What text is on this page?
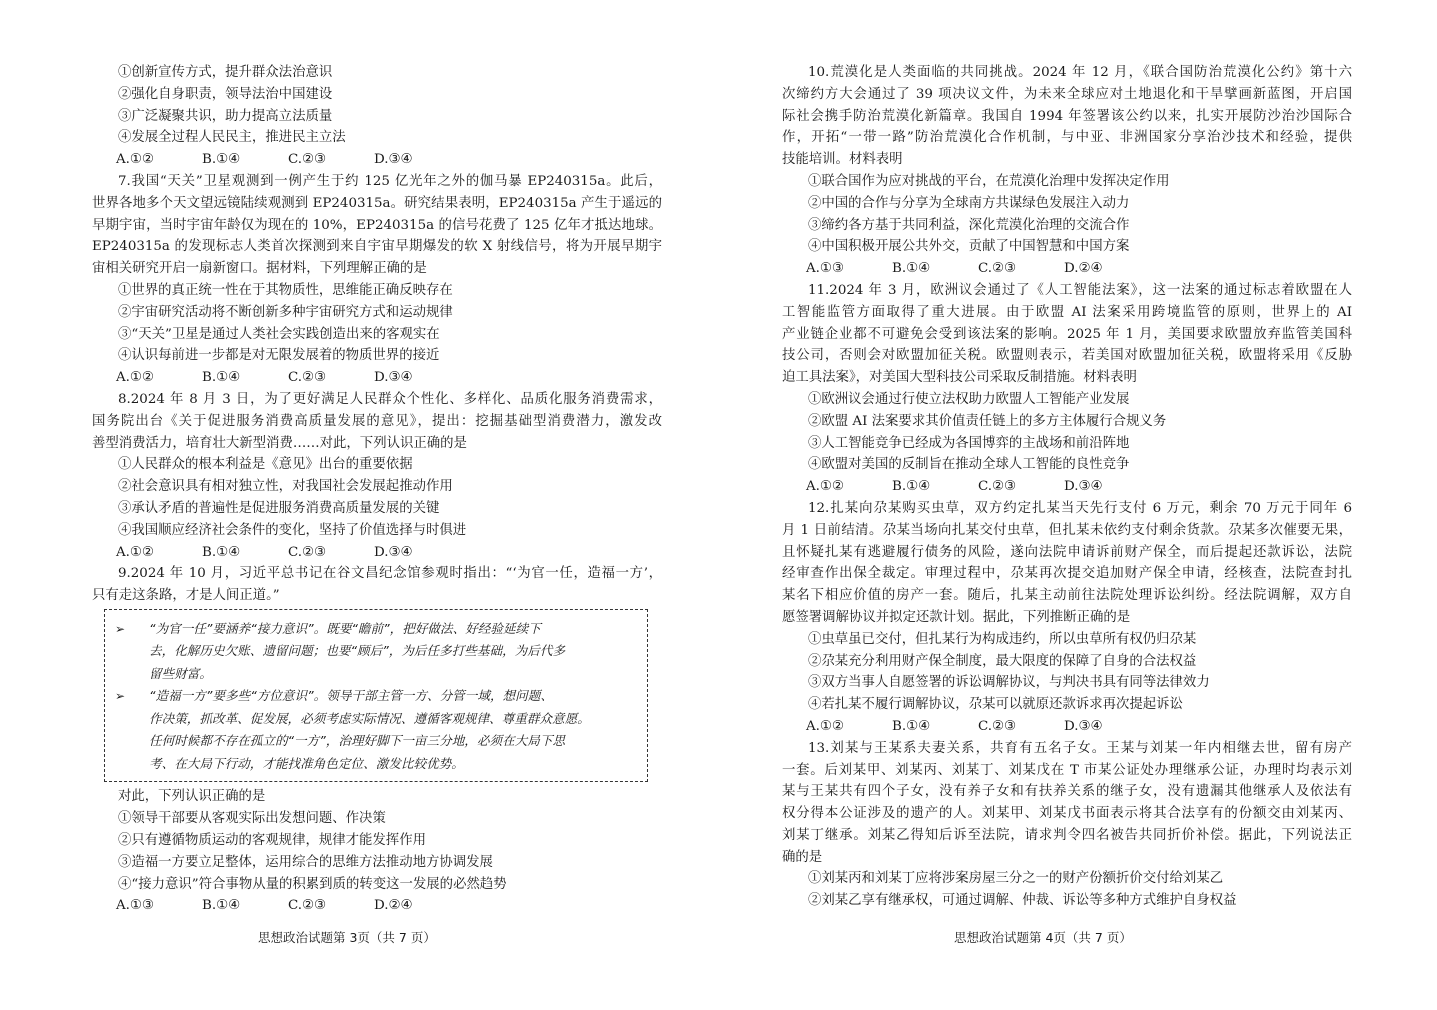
①创新宣传方式，提升群众法治意识
②强化自身职责，领导法治中国建设
③广泛凝聚共识，助力提高立法质量
④发展全过程人民民主，推进民主立法
A.①②	B.①④	C.②③	D.③④
7.我国“天关”卫星观测到一例产生于约 125 亿光年之外的伽马暴 EP240315a。此后，
世界各地多个天文望远镜陆续观测到 EP240315a。研究结果表明，EP240315a 产生于遥远的
早期宇宙，当时宇宙年龄仅为现在的 10%，EP240315a 的信号花费了 125 亿年才抵达地球。
EP240315a 的发现标志人类首次探测到来自宇宙早期爆发的软 X 射线信号，将为开展早期宇
宙相关研究开启一扇新窗口。据材料，下列理解正确的是
①世界的真正统一性在于其物质性，思维能正确反映存在
②宇宙研究活动将不断创新多种宇宙研究方式和运动规律
③“天关”卫星是通过人类社会实践创造出来的客观实在
④认识每前进一步都是对无限发展着的物质世界的接近
A.①②	B.①④	C.②③	D.③④
8.2024 年 8 月 3 日，为了更好满足人民群众个性化、多样化、品质化服务消费需求，
国务院出台《关于促进服务消费高质量发展的意见》，提出：挖掘基础型消费潜力，激发改
善型消费活力，培育壮大新型消费……对此，下列认识正确的是
①人民群众的根本利益是《意见》出台的重要依据
②社会意识具有相对独立性，对我国社会发展起推动作用
③承认矛盾的普遍性是促进服务消费高质量发展的关键
④我国顺应经济社会条件的变化，坚持了价值选择与时俱进
A.①②	B.①④	C.②③	D.③④
9.2024 年 10 月，习近平总书记在谷文昌纪念馆参观时指出：“‘为官一任，造福一方’，
只有走这条路，才是人间正道。”
➢	“为官一任”要涵养“接力意识”。既要“瞻前”，把好做法、好经验延续下
去，化解历史欠账、遗留问题；也要“顾后”，为后任多打些基础，为后代多
留些财富。
➢	“造福一方”要多些“方位意识”。领导干部主管一方、分管一域，想问题、
作决策，抓改革、促发展，必须考虑实际情况、遵循客观规律、尊重群众意愿。
任何时候都不存在孤立的“一方”，治理好脚下一亩三分地，必须在大局下思
考、在大局下行动，才能找准角色定位、激发比较优势。
对此，下列认识正确的是
①领导干部要从客观实际出发想问题、作决策
②只有遵循物质运动的客观规律，规律才能发挥作用
③造福一方要立足整体，运用综合的思维方法推动地方协调发展
④“接力意识”符合事物从量的积累到质的转变这一发展的必然趋势
A.①③	B.①④	C.②③	D.②④
思想政治试题第 3页（共 7 页）
10.荒漠化是人类面临的共同挑战。2024 年 12 月，《联合国防治荒漠化公约》第十六
次缔约方大会通过了 39 项决议文件，为未来全球应对土地退化和干旱擘画新蓝图，开启国
际社会携手防治荒漠化新篇章。我国自 1994 年签署该公约以来，扎实开展防沙治沙国际合
作，开拓“一带一路”防治荒漠化合作机制，与中亚、非洲国家分享治沙技术和经验，提供
技能培训。材料表明
①联合国作为应对挑战的平台，在荒漠化治理中发挥决定作用
②中国的合作与分享为全球南方共谋绿色发展注入动力
③缔约各方基于共同利益，深化荒漠化治理的交流合作
④中国积极开展公共外交，贡献了中国智慧和中国方案
A.①③	B.①④	C.②③	D.②④
11.2024 年 3 月，欧洲议会通过了《人工智能法案》，这一法案的通过标志着欧盟在人
工智能监管方面取得了重大进展。由于欧盟 AI 法案采用跨境监管的原则，世界上的 AI
产业链企业都不可避免会受到该法案的影响。2025 年 1 月，美国要求欧盟放弃监管美国科
技公司，否则会对欧盟加征关税。欧盟则表示，若美国对欧盟加征关税，欧盟将采用《反胁
迫工具法案》，对美国大型科技公司采取反制措施。材料表明
①欧洲议会通过行使立法权助力欧盟人工智能产业发展
②欧盟 AI 法案要求其价值责任链上的多方主体履行合规义务
③人工智能竞争已经成为各国博弈的主战场和前沿阵地
④欧盟对美国的反制旨在推动全球人工智能的良性竞争
A.①②	B.①④	C.②③	D.③④
12.扎某向尕某购买虫草，双方约定扎某当天先行支付 6 万元，剩余 70 万元于同年 6
月 1 日前结清。尕某当场向扎某交付虫草，但扎某未依约支付剩余货款。尕某多次催要无果，
且怀疑扎某有逃避履行债务的风险，遂向法院申请诉前财产保全，而后提起还款诉讼，法院
经审查作出保全裁定。审理过程中，尕某再次提交追加财产保全申请，经核查，法院查封扎
某名下相应价值的房产一套。随后，扎某主动前往法院处理诉讼纠纷。经法院调解，双方自
愿签署调解协议并拟定还款计划。据此，下列推断正确的是
①虫草虽已交付，但扎某行为构成违约，所以虫草所有权仍归尕某
②尕某充分利用财产保全制度，最大限度的保障了自身的合法权益
③双方当事人自愿签署的诉讼调解协议，与判决书具有同等法律效力
④若扎某不履行调解协议，尕某可以就原还款诉求再次提起诉讼
A.①②	B.①④	C.②③	D.③④
13.刘某与王某系夫妻关系，共育有五名子女。王某与刘某一年内相继去世，留有房产
一套。后刘某甲、刘某丙、刘某丁、刘某戊在 T 市某公证处办理继承公证，办理时均表示刘
某与王某共有四个子女，没有养子女和有扶养关系的继子女，没有遗漏其他继承人及依法有
权分得本公证涉及的遗产的人。刘某甲、刘某戊书面表示将其合法享有的份额交由刘某丙、
刘某丁继承。刘某乙得知后诉至法院，请求判令四名被告共同折价补偿。据此，下列说法正
确的是
①刘某丙和刘某丁应将涉案房屋三分之一的财产份额折价交付给刘某乙
②刘某乙享有继承权，可通过调解、仲裁、诉讼等多种方式维护自身权益
思想政治试题第 4页（共 7 页）
